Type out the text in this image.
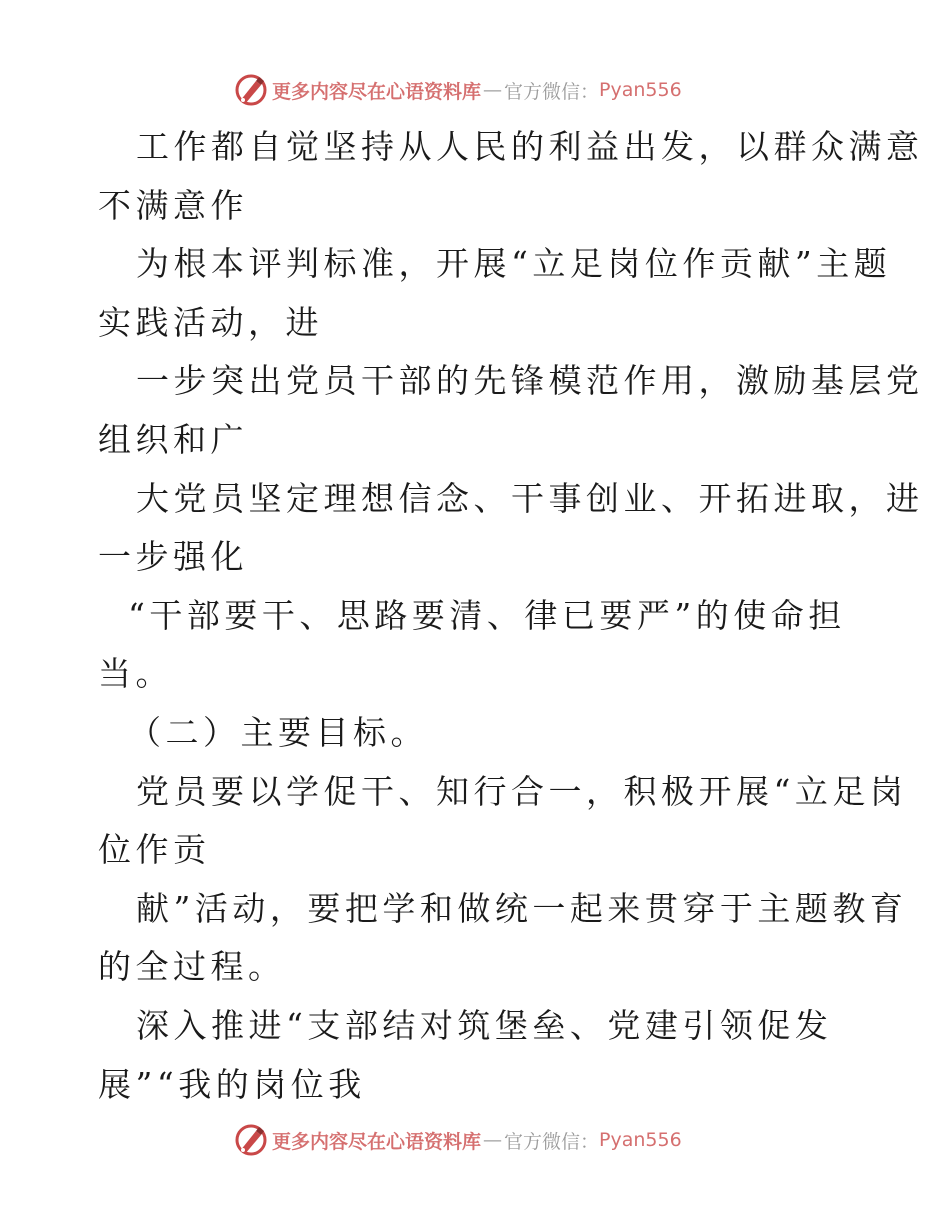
更多内容尽在心语资料库 — 官方微信： Pyan556
工作都自觉坚持从人民的利益出发，以群众满意
不满意作
为根本评判标准，开展“立足岗位作贡献”主题
实践活动，进
一步突出党员干部的先锋模范作用，激励基层党
组织和广
大党员坚定理想信念、干事创业、开拓进取，进
一步强化
“干部要干、思路要清、律已要严”的使命担
当。
（二）主要目标。
党员要以学促干、知行合一，积极开展“立足岗
位作贡
献”活动，要把学和做统一起来贯穿于主题教育
的全过程。
深入推进“支部结对筑堡垒、党建引领促发
展”“我的岗位我
更多内容尽在心语资料库 — 官方微信： Pyan556
